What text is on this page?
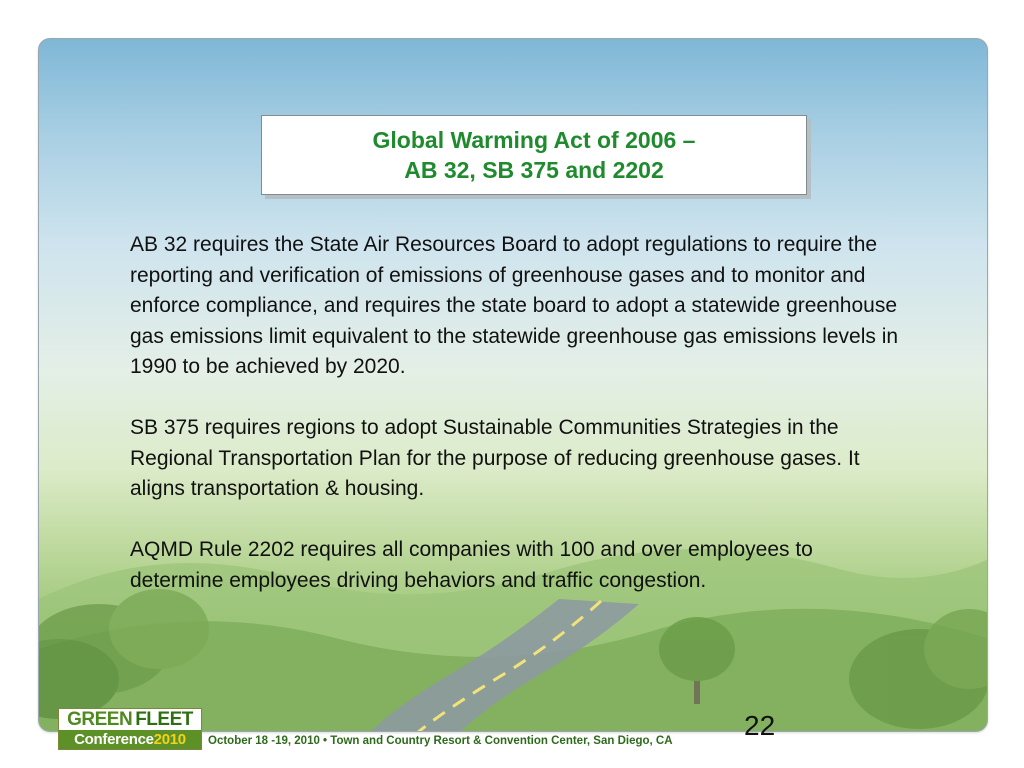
Global Warming Act of 2006 –
AB 32, SB 375 and 2202

AB 32 requires the State Air Resources Board to adopt regulations to require the reporting and verification of emissions of greenhouse gases and to monitor and enforce compliance, and requires the state board to adopt a statewide greenhouse gas emissions limit equivalent to the statewide greenhouse gas emissions levels in 1990 to be achieved by 2020.

SB 375 requires regions to adopt Sustainable Communities Strategies in the Regional Transportation Plan for the purpose of reducing greenhouse gases. It aligns transportation & housing.

AQMD Rule 2202 requires all companies with 100 and over employees to determine employees driving behaviors and traffic congestion.

22
GREEN FLEET
Conference 2010 October 18 -19, 2010 • Town and Country Resort & Convention Center, San Diego, CA
